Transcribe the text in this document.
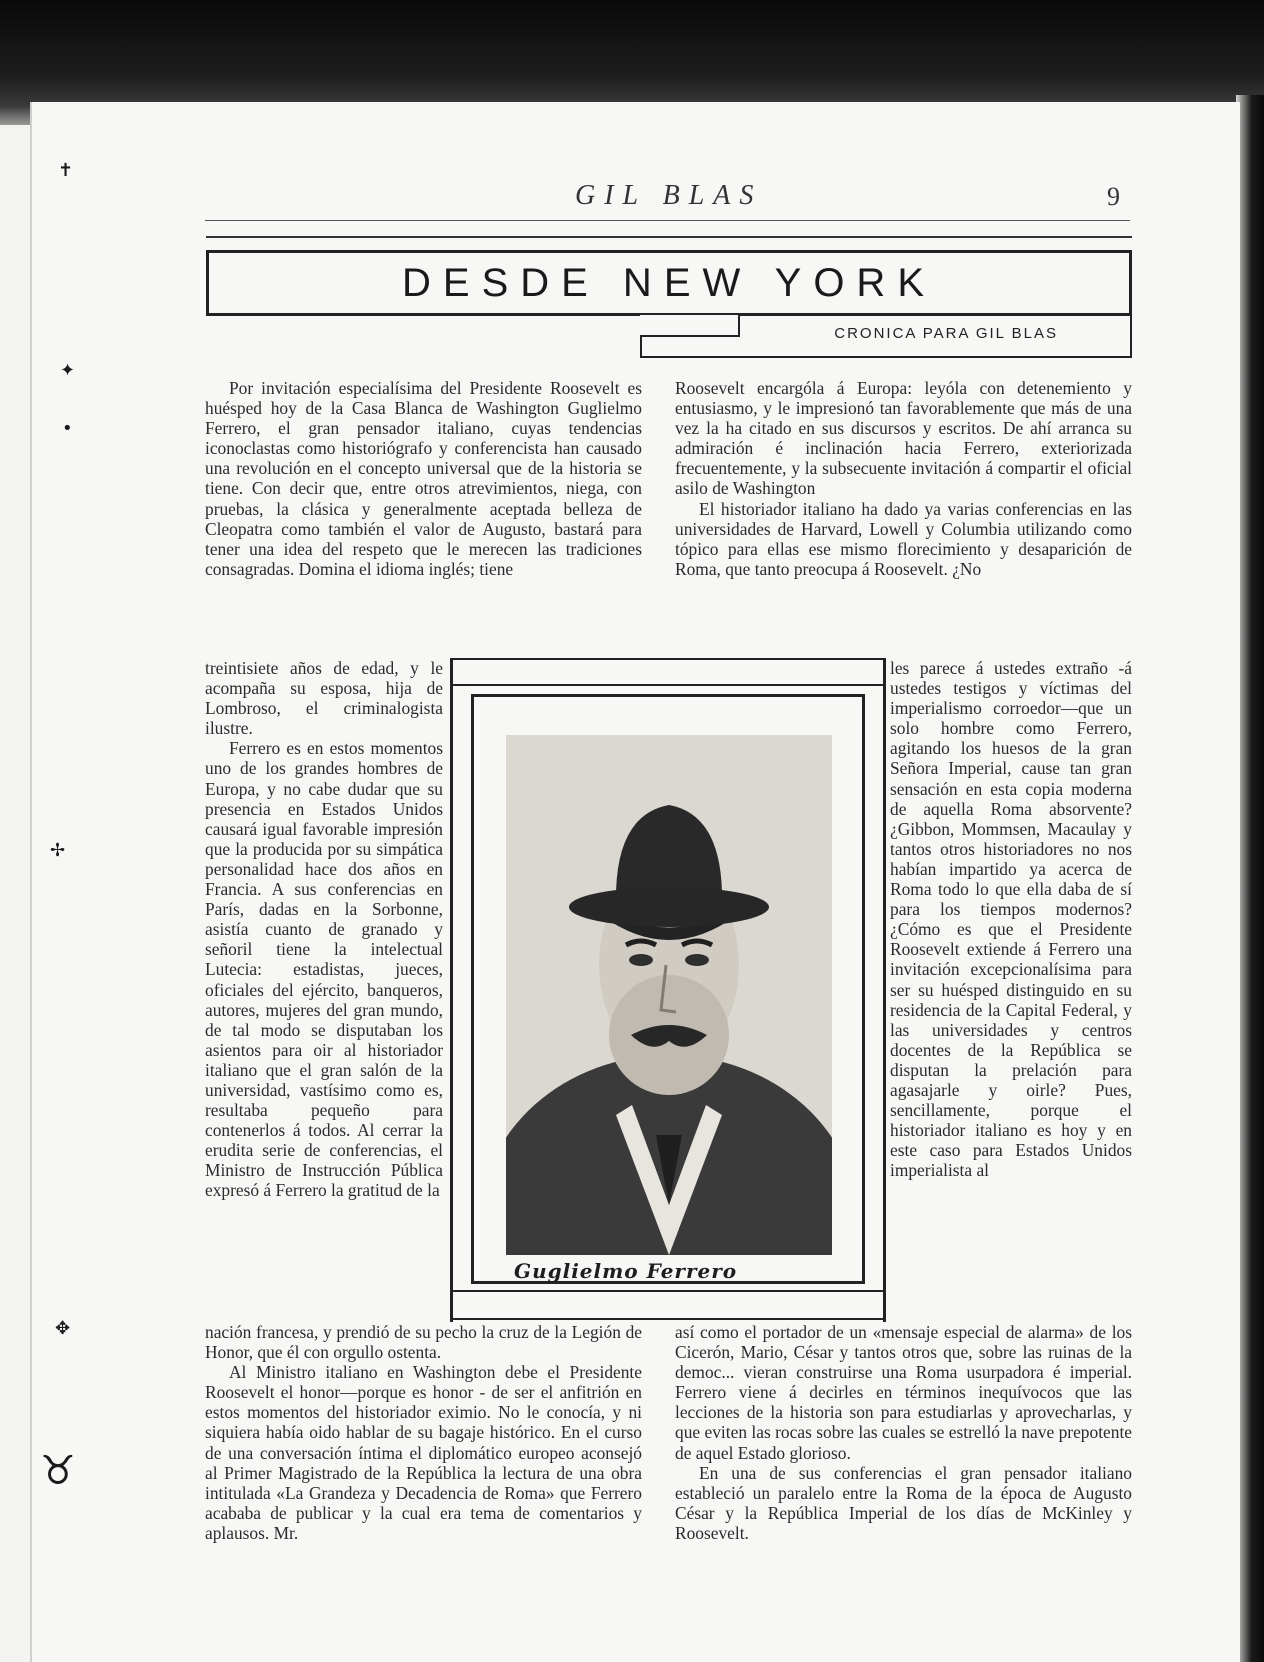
✝
✦
•
✢
✥
♉
GIL BLAS	9
DESDE NEW YORK
CRONICA PARA GIL BLAS

Por invitación especialísima del Presidente Roosevelt es huésped hoy de la Casa Blanca de Washington Guglielmo Ferrero, el gran pensador italiano, cuyas tendencias iconoclastas como historiógrafo y conferencista han causado una revolución en el concepto universal que de la historia se tiene. Con decir que, entre otros atrevimientos, niega, con pruebas, la clásica y generalmente aceptada belleza de Cleopatra como también el valor de Augusto, bastará para tener una idea del respeto que le merecen las tradiciones consagradas. Domina el idioma inglés; tiene

Roosevelt encargóla á Europa: leyóla con detenemiento y entusiasmo, y le impresionó tan favorablemente que más de una vez la ha citado en sus discursos y escritos. De ahí arranca su admiración é inclinación hacia Ferrero, exteriorizada frecuentemente, y la subsecuente invitación á compartir el oficial asilo de Washington

El historiador italiano ha dado ya varias conferencias en las universidades de Harvard, Lowell y Columbia utilizando como tópico para ellas ese mismo florecimiento y desaparición de Roma, que tanto preocupa á Roosevelt. ¿No

treintisiete años de edad, y le acompaña su esposa, hija de Lombroso, el criminalogista ilustre.

Ferrero es en estos momentos uno de los grandes hombres de Europa, y no cabe dudar que su presencia en Estados Unidos causará igual favorable impresión que la producida por su simpática personalidad hace dos años en Francia. A sus conferencias en París, dadas en la Sorbonne, asistía cuanto de granado y señoril tiene la intelectual Lutecia: estadistas, jueces, oficiales del ejército, banqueros, autores, mujeres del gran mundo, de tal modo se disputaban los asientos para oir al historiador italiano que el gran salón de la universidad, vastísimo como es, resultaba pequeño para contenerlos á todos. Al cerrar la erudita serie de conferencias, el Ministro de Instrucción Pública expresó á Ferrero la gratitud de la

Guglielmo Ferrero

les parece á ustedes extraño -á ustedes testigos y víctimas del imperialismo corroedor—que un solo hombre como Ferrero, agitando los huesos de la gran Señora Imperial, cause tan gran sensación en esta copia moderna de aquella Roma absorvente? ¿Gibbon, Mommsen, Macaulay y tantos otros historiadores no nos habían impartido ya acerca de Roma todo lo que ella daba de sí para los tiempos modernos? ¿Cómo es que el Presidente Roosevelt extiende á Ferrero una invitación excepcionalísima para ser su huésped distinguido en su residencia de la Capital Federal, y las universidades y centros docentes de la República se disputan la prelación para agasajarle y oirle? Pues, sencillamente, porque el historiador italiano es hoy y en este caso para Estados Unidos imperialista al

nación francesa, y prendió de su pecho la cruz de la Legión de Honor, que él con orgullo ostenta.

Al Ministro italiano en Washington debe el Presidente Roosevelt el honor—porque es honor - de ser el anfitrión en estos momentos del historiador eximio. No le conocía, y ni siquiera había oido hablar de su bagaje histórico. En el curso de una conversación íntima el diplomático europeo aconsejó al Primer Magistrado de la República la lectura de una obra intitulada «La Grandeza y Decadencia de Roma» que Ferrero acababa de publicar y la cual era tema de comentarios y aplausos. Mr.

así como el portador de un «mensaje especial de alarma» de los Cicerón, Mario, César y tantos otros que, sobre las ruinas de la democ... vieran construirse una Roma usurpadora é imperial. Ferrero viene á decirles en términos inequívocos que las lecciones de la historia son para estudiarlas y aprovecharlas, y que eviten las rocas sobre las cuales se estrelló la nave prepotente de aquel Estado glorioso.

En una de sus conferencias el gran pensador italiano estableció un paralelo entre la Roma de la época de Augusto César y la República Imperial de los días de McKinley y Roosevelt.
